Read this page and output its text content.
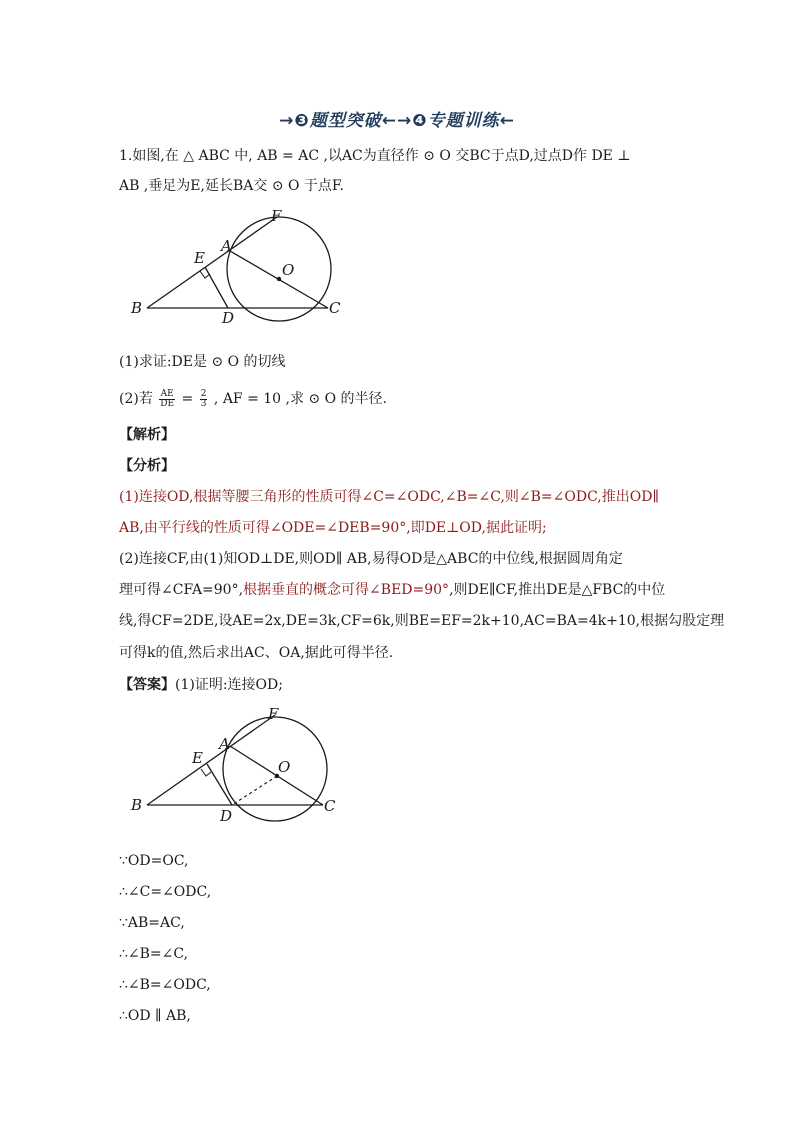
→❸题型突破←→❹专题训练←
1.如图,在 △ ABC 中, AB = AC ,以AC为直径作 ⊙ O 交BC于点D,过点D作 DE ⊥
AB ,垂足为E,延长BA交 ⊙ O 于点F.
F
A
E
O
B
D
C
(1)求证:DE是 ⊙ O 的切线
(2)若 $\frac{AE}{DE} = \frac{2}{3}$ , AF = 10 ,求 ⊙ O 的半径.
【解析】
【分析】
(1)连接OD,根据等腰三角形的性质可得∠C=∠ODC,∠B=∠C,则∠B=∠ODC,推出OD∥
AB,由平行线的性质可得∠ODE=∠DEB=90°,即DE⊥OD,据此证明;
(2)连接CF,由(1)知OD⊥DE,则OD∥ AB,易得OD是△ABC的中位线,根据圆周角定
理可得∠CFA=90°,根据垂直的概念可得∠BED=90°,则DE∥CF,推出DE是△FBC的中位
线,得CF=2DE,设AE=2x,DE=3k,CF=6k,则BE=EF=2k+10,AC=BA=4k+10,根据勾股定理
可得k的值,然后求出AC、OA,据此可得半径.
【答案】(1)证明:连接OD;
F
A
E	O
B
D
C
∵OD=OC,
∴∠C=∠ODC,
∵AB=AC,
∴∠B=∠C,
∴∠B=∠ODC,
∴OD ∥ AB,
